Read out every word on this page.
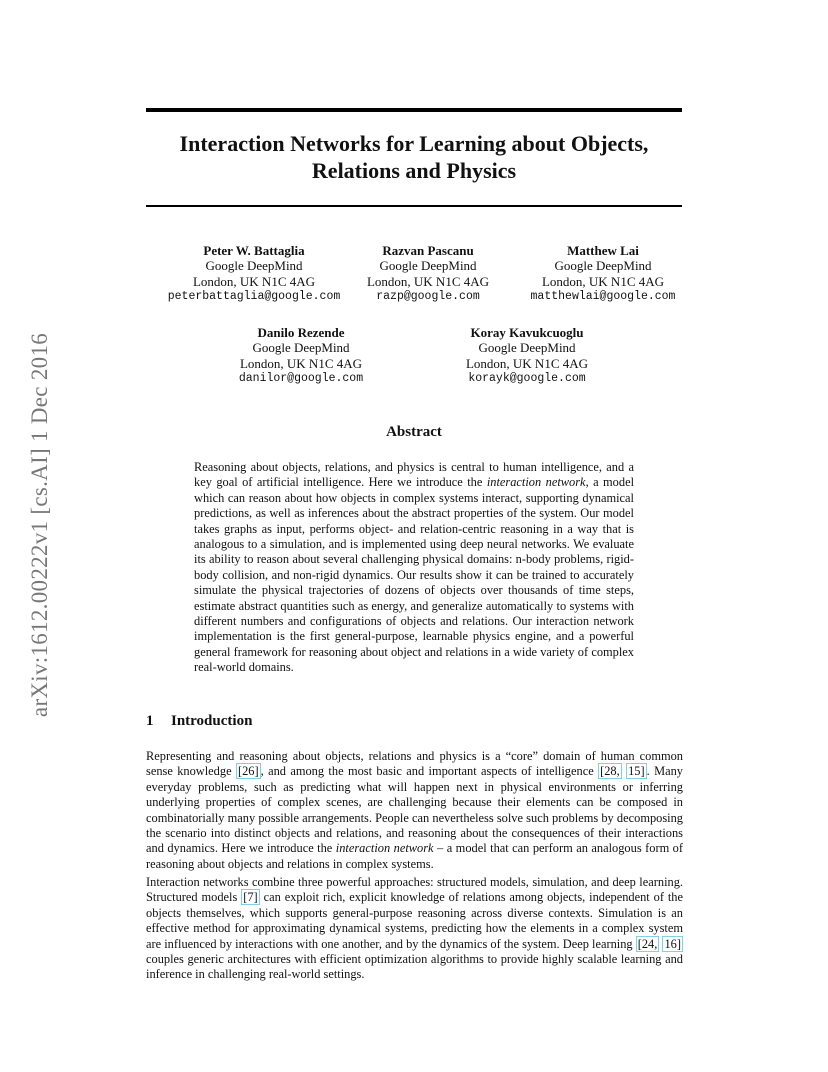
arXiv:1612.00222v1 [cs.AI] 1 Dec 2016
Interaction Networks for Learning about Objects,
Relations and Physics
Peter W. Battaglia
Google DeepMind
London, UK N1C 4AG
peterbattaglia@google.com
Razvan Pascanu
Google DeepMind
London, UK N1C 4AG
razp@google.com
Matthew Lai
Google DeepMind
London, UK N1C 4AG
matthewlai@google.com
Danilo Rezende
Google DeepMind
London, UK N1C 4AG
danilor@google.com
Koray Kavukcuoglu
Google DeepMind
London, UK N1C 4AG
korayk@google.com
Abstract

Reasoning about objects, relations, and physics is central to human intelligence, and a key goal of artificial intelligence. Here we introduce the interaction network, a model which can reason about how objects in complex systems interact, supporting dynamical predictions, as well as inferences about the abstract properties of the system. Our model takes graphs as input, performs object- and relation-centric reasoning in a way that is analogous to a simulation, and is implemented using deep neural networks. We evaluate its ability to reason about several challenging physical domains: n-body problems, rigid-body collision, and non-rigid dynamics. Our results show it can be trained to accurately simulate the physical trajectories of dozens of objects over thousands of time steps, estimate abstract quantities such as energy, and generalize automatically to systems with different numbers and configurations of objects and relations. Our interaction network implementation is the first general-purpose, learnable physics engine, and a powerful general framework for reasoning about object and relations in a wide variety of complex real-world domains.

1 Introduction

Representing and reasoning about objects, relations and physics is a “core” domain of human common sense knowledge [26] , and among the most basic and important aspects of intelligence [28, 15] . Many everyday problems, such as predicting what will happen next in physical environments or inferring underlying properties of complex scenes, are challenging because their elements can be composed in combinatorially many possible arrangements. People can nevertheless solve such problems by decomposing the scenario into distinct objects and relations, and reasoning about the consequences of their interactions and dynamics. Here we introduce the interaction network – a model that can perform an analogous form of reasoning about objects and relations in complex systems.

Interaction networks combine three powerful approaches: structured models, simulation, and deep learning. Structured models [7] can exploit rich, explicit knowledge of relations among objects, independent of the objects themselves, which supports general-purpose reasoning across diverse contexts. Simulation is an effective method for approximating dynamical systems, predicting how the elements in a complex system are influenced by interactions with one another, and by the dynamics of the system. Deep learning [24, 16] couples generic architectures with efficient optimization algorithms to provide highly scalable learning and inference in challenging real-world settings.
